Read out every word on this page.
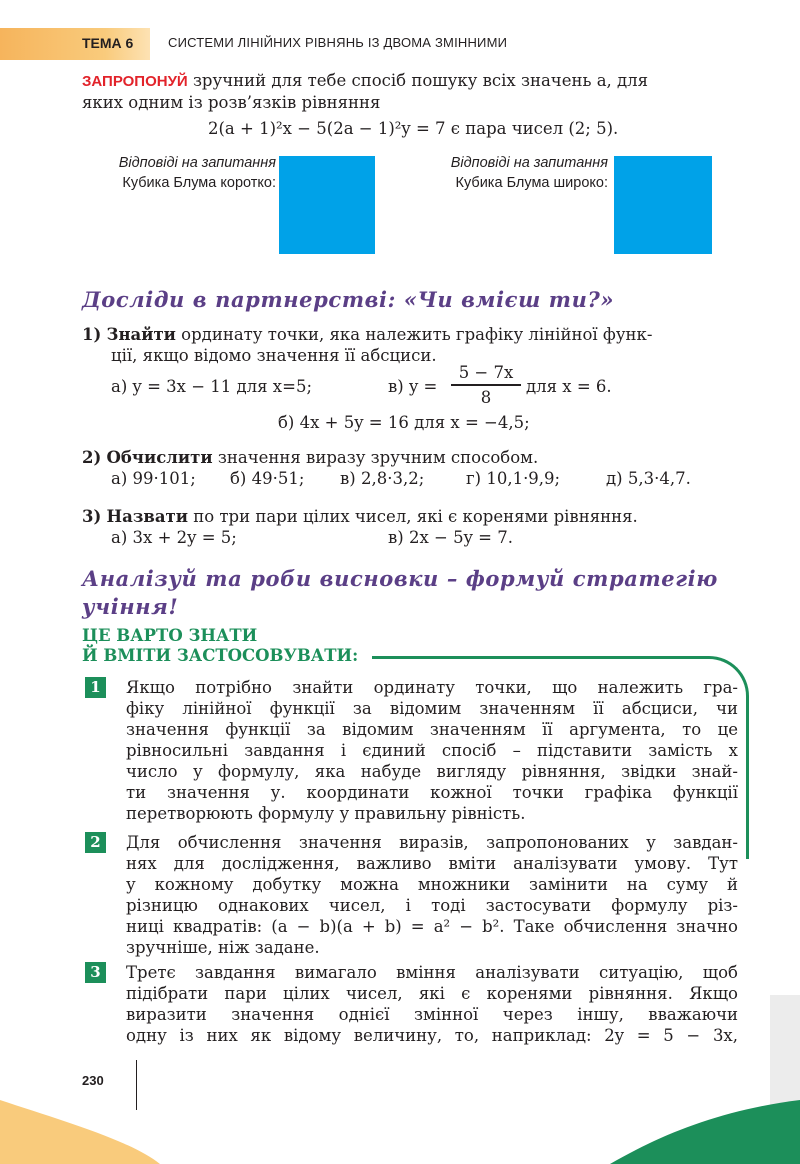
ТЕМА 6	СИСТЕМИ ЛІНІЙНИХ РІВНЯНЬ ІЗ ДВОМА ЗМІННИМИ
ЗАПРОПОНУЙ зручний для тебе спосіб пошуку всіх значень a, для
яких одним із розв’язків рівняння
2(a + 1)²x − 5(2a − 1)²y = 7 є пара чисел (2; 5).
Відповіді на запитання
Кубика Блума коротко:
Відповіді на запитання
Кубика Блума широко:
Досліди в партнерстві: «Чи вмієш ти?»
1) Знайти ординату точки, яка належить графіку лінійної функ-
ції, якщо відомо значення її абсциси.
а) y = 3x − 11 для x=5;	в) y =
5 − 7x
8
для x = 6.
б) 4x + 5y = 16 для x = −4,5;
2) Обчислити значення виразу зручним способом.
а) 99·101; б) 49·51; в) 2,8·3,2;	г) 10,1·9,9;	д) 5,3·4,7.
3) Назвати по три пари цілих чисел, які є коренями рівняння.
а) 3x + 2y = 5;	в) 2x − 5y = 7.
Аналізуй та роби висновки – формуй стратегію
учіння!
ЦЕ ВАРТО ЗНАТИ
Й ВМІТИ ЗАСТОСОВУВАТИ:
1	Якщо потрібно знайти ординату точки, що належить гра-
фіку лінійної функції за відомим значенням її абсциси, чи
значення функції за відомим значенням її аргумента, то це
рівносильні завдання і єдиний спосіб – підставити замість х
число у формулу, яка набуде вигляду рівняння, звідки знай-
ти значення у. координати кожної точки графіка функції
перетворюють формулу у правильну рівність.
2	Для обчислення значення виразів, запропонованих у завдан-
нях для дослідження, важливо вміти аналізувати умову. Тут
у кожному добутку можна множники замінити на суму й
різницю однакових чисел, і тоді застосувати формулу різ-
ниці квадратів: (a − b)(a + b) = a² − b². Таке обчислення значно
зручніше, ніж задане.
3	Третє завдання вимагало вміння аналізувати ситуацію, щоб
підібрати пари цілих чисел, які є коренями рівняння. Якщо
виразити значення однієї змінної через іншу, вважаючи
одну із них як відому величину, то, наприклад: 2y = 5 − 3x,
230
